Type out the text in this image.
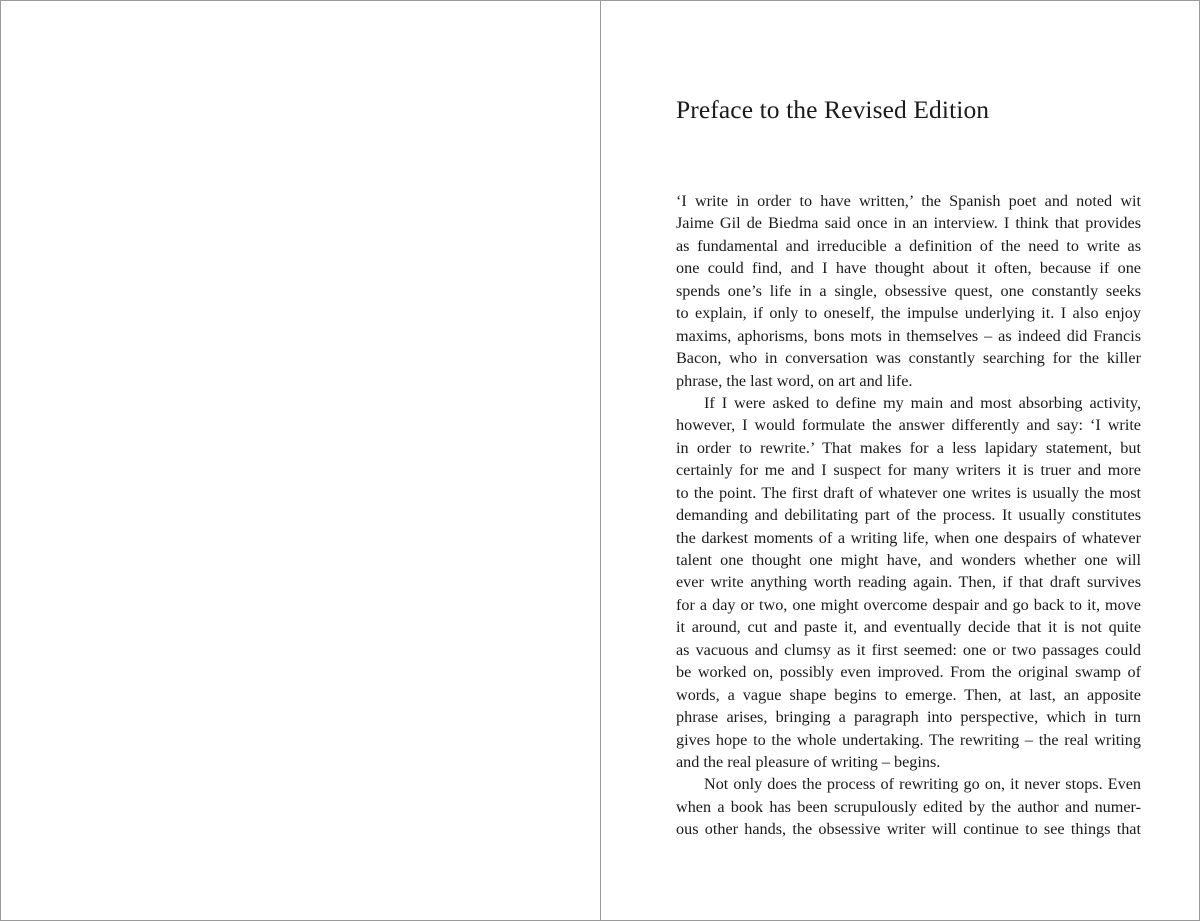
Preface to the Revised Edition
‘I write in order to have written,’ the Spanish poet and noted wit
Jaime Gil de Biedma said once in an interview. I think that provides
as fundamental and irreducible a definition of the need to write as
one could find, and I have thought about it often, because if one
spends one’s life in a single, obsessive quest, one constantly seeks
to explain, if only to oneself, the impulse underlying it. I also enjoy
maxims, aphorisms, bons mots in themselves – as indeed did Francis
Bacon, who in conversation was constantly searching for the killer
phrase, the last word, on art and life.
If I were asked to define my main and most absorbing activity,
however, I would formulate the answer differently and say: ‘I write
in order to rewrite.’ That makes for a less lapidary statement, but
certainly for me and I suspect for many writers it is truer and more
to the point. The first draft of whatever one writes is usually the most
demanding and debilitating part of the process. It usually constitutes
the darkest moments of a writing life, when one despairs of whatever
talent one thought one might have, and wonders whether one will
ever write anything worth reading again. Then, if that draft survives
for a day or two, one might overcome despair and go back to it, move
it around, cut and paste it, and eventually decide that it is not quite
as vacuous and clumsy as it first seemed: one or two passages could
be worked on, possibly even improved. From the original swamp of
words, a vague shape begins to emerge. Then, at last, an apposite
phrase arises, bringing a paragraph into perspective, which in turn
gives hope to the whole undertaking. The rewriting – the real writing
and the real pleasure of writing – begins.
Not only does the process of rewriting go on, it never stops. Even
when a book has been scrupulously edited by the author and numer-
ous other hands, the obsessive writer will continue to see things that
